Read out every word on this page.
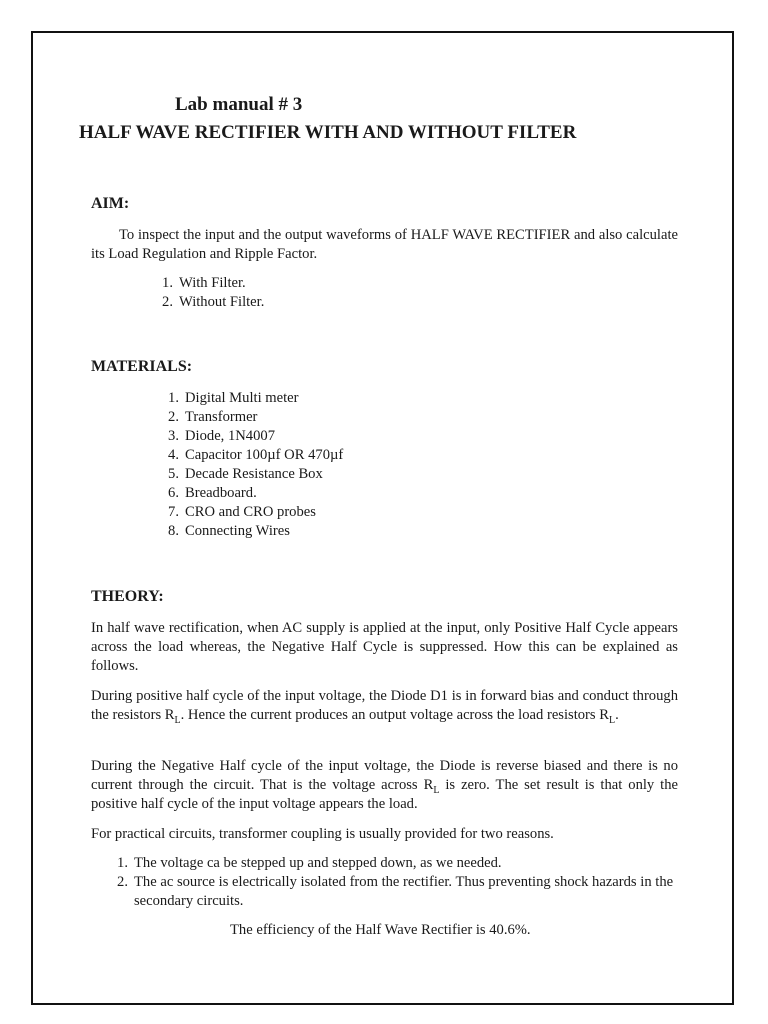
Lab manual # 3
HALF WAVE RECTIFIER WITH AND WITHOUT FILTER
AIM:
To inspect the input and the output waveforms of HALF WAVE RECTIFIER and also calculate its Load Regulation and Ripple Factor.
1. With Filter.
2. Without Filter.
MATERIALS:
1. Digital Multi meter
2. Transformer
3. Diode, 1N4007
4. Capacitor 100µf OR 470µf
5. Decade Resistance Box
6. Breadboard.
7. CRO and CRO probes
8. Connecting Wires
THEORY:
In half wave rectification, when AC supply is applied at the input, only Positive Half Cycle appears across the load whereas, the Negative Half Cycle is suppressed. How this can be explained as follows.
During positive half cycle of the input voltage, the Diode D1 is in forward bias and conduct through the resistors $R_L$. Hence the current produces an output voltage across the load resistors $R_L$.
During the Negative Half cycle of the input voltage, the Diode is reverse biased and there is no current through the circuit. That is the voltage across $R_L$ is zero. The set result is that only the positive half cycle of the input voltage appears the load.
For practical circuits, transformer coupling is usually provided for two reasons.
1. The voltage ca be stepped up and stepped down, as we needed.
2. The ac source is electrically isolated from the rectifier. Thus preventing shock hazards in the secondary circuits.
The efficiency of the Half Wave Rectifier is 40.6%.
